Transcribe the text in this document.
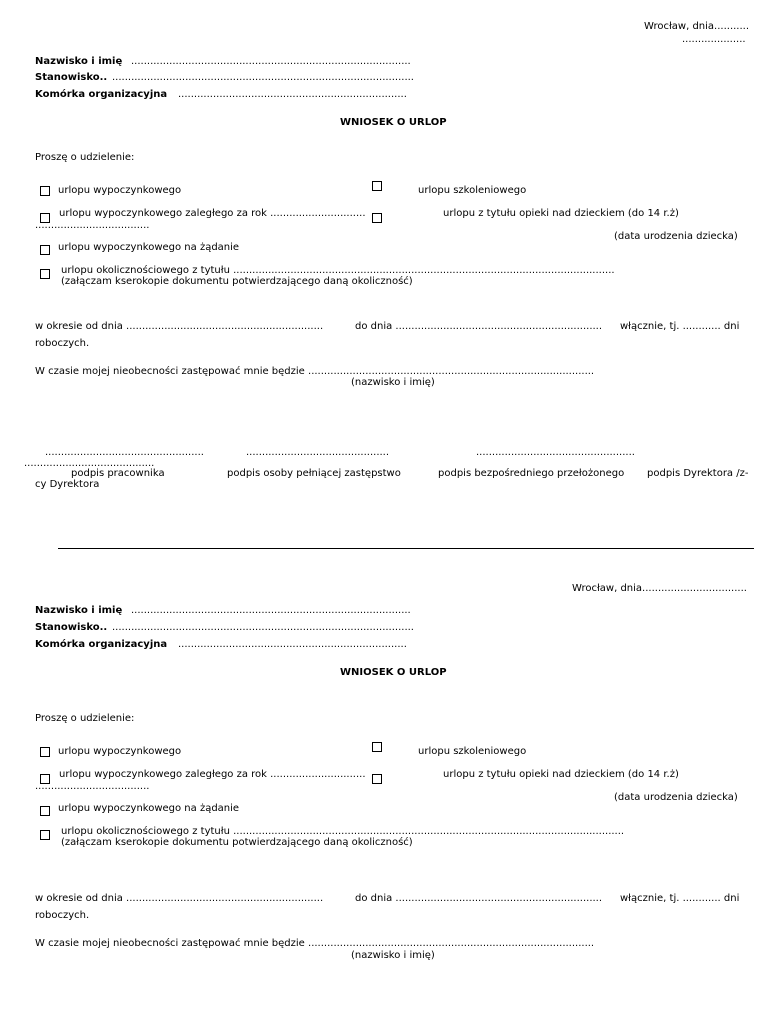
Wrocław, dnia...........
....................
Nazwisko i imię ........................................................................................
Stanowisko.. ...............................................................................................
Komórka organizacyjna ........................................................................
WNIOSEK O URLOP
Proszę o udzielenie:
urlopu wypoczynkowego	urlopu szkoleniowego
urlopu wypoczynkowego zaległego za rok ..............................
....................................
urlopu z tytułu opieki nad dzieckiem (do 14 r.ż)
(data urodzenia dziecka)
urlopu wypoczynkowego na żądanie
urlopu okolicznościowego z tytułu ........................................................................................................................
(załączam kserokopie dokumentu potwierdzającego daną okoliczność)
w okresie od dnia ..............................................................	do dnia ................................................................. włącznie, tj. ............ dni
roboczych.
W czasie mojej nieobecności zastępować mnie będzie ..........................................................................................
(nazwisko i imię)
..................................................	.............................................	..................................................
.........................................
podpis pracownika	podpis osoby pełniącej zastępstwo	podpis bezpośredniego przełożonego podpis Dyrektora /z-
cy Dyrektora
Wrocław, dnia.................................
Nazwisko i imię ........................................................................................
Stanowisko.. ...............................................................................................
Komórka organizacyjna ........................................................................
WNIOSEK O URLOP
Proszę o udzielenie:
urlopu wypoczynkowego	urlopu szkoleniowego
urlopu wypoczynkowego zaległego za rok ..............................
....................................
urlopu z tytułu opieki nad dzieckiem (do 14 r.ż)
(data urodzenia dziecka)
urlopu wypoczynkowego na żądanie
urlopu okolicznościowego z tytułu ...........................................................................................................................
(załączam kserokopie dokumentu potwierdzającego daną okoliczność)
w okresie od dnia ..............................................................	do dnia ................................................................. włącznie, tj. ............ dni
roboczych.
W czasie mojej nieobecności zastępować mnie będzie ..........................................................................................
(nazwisko i imię)
